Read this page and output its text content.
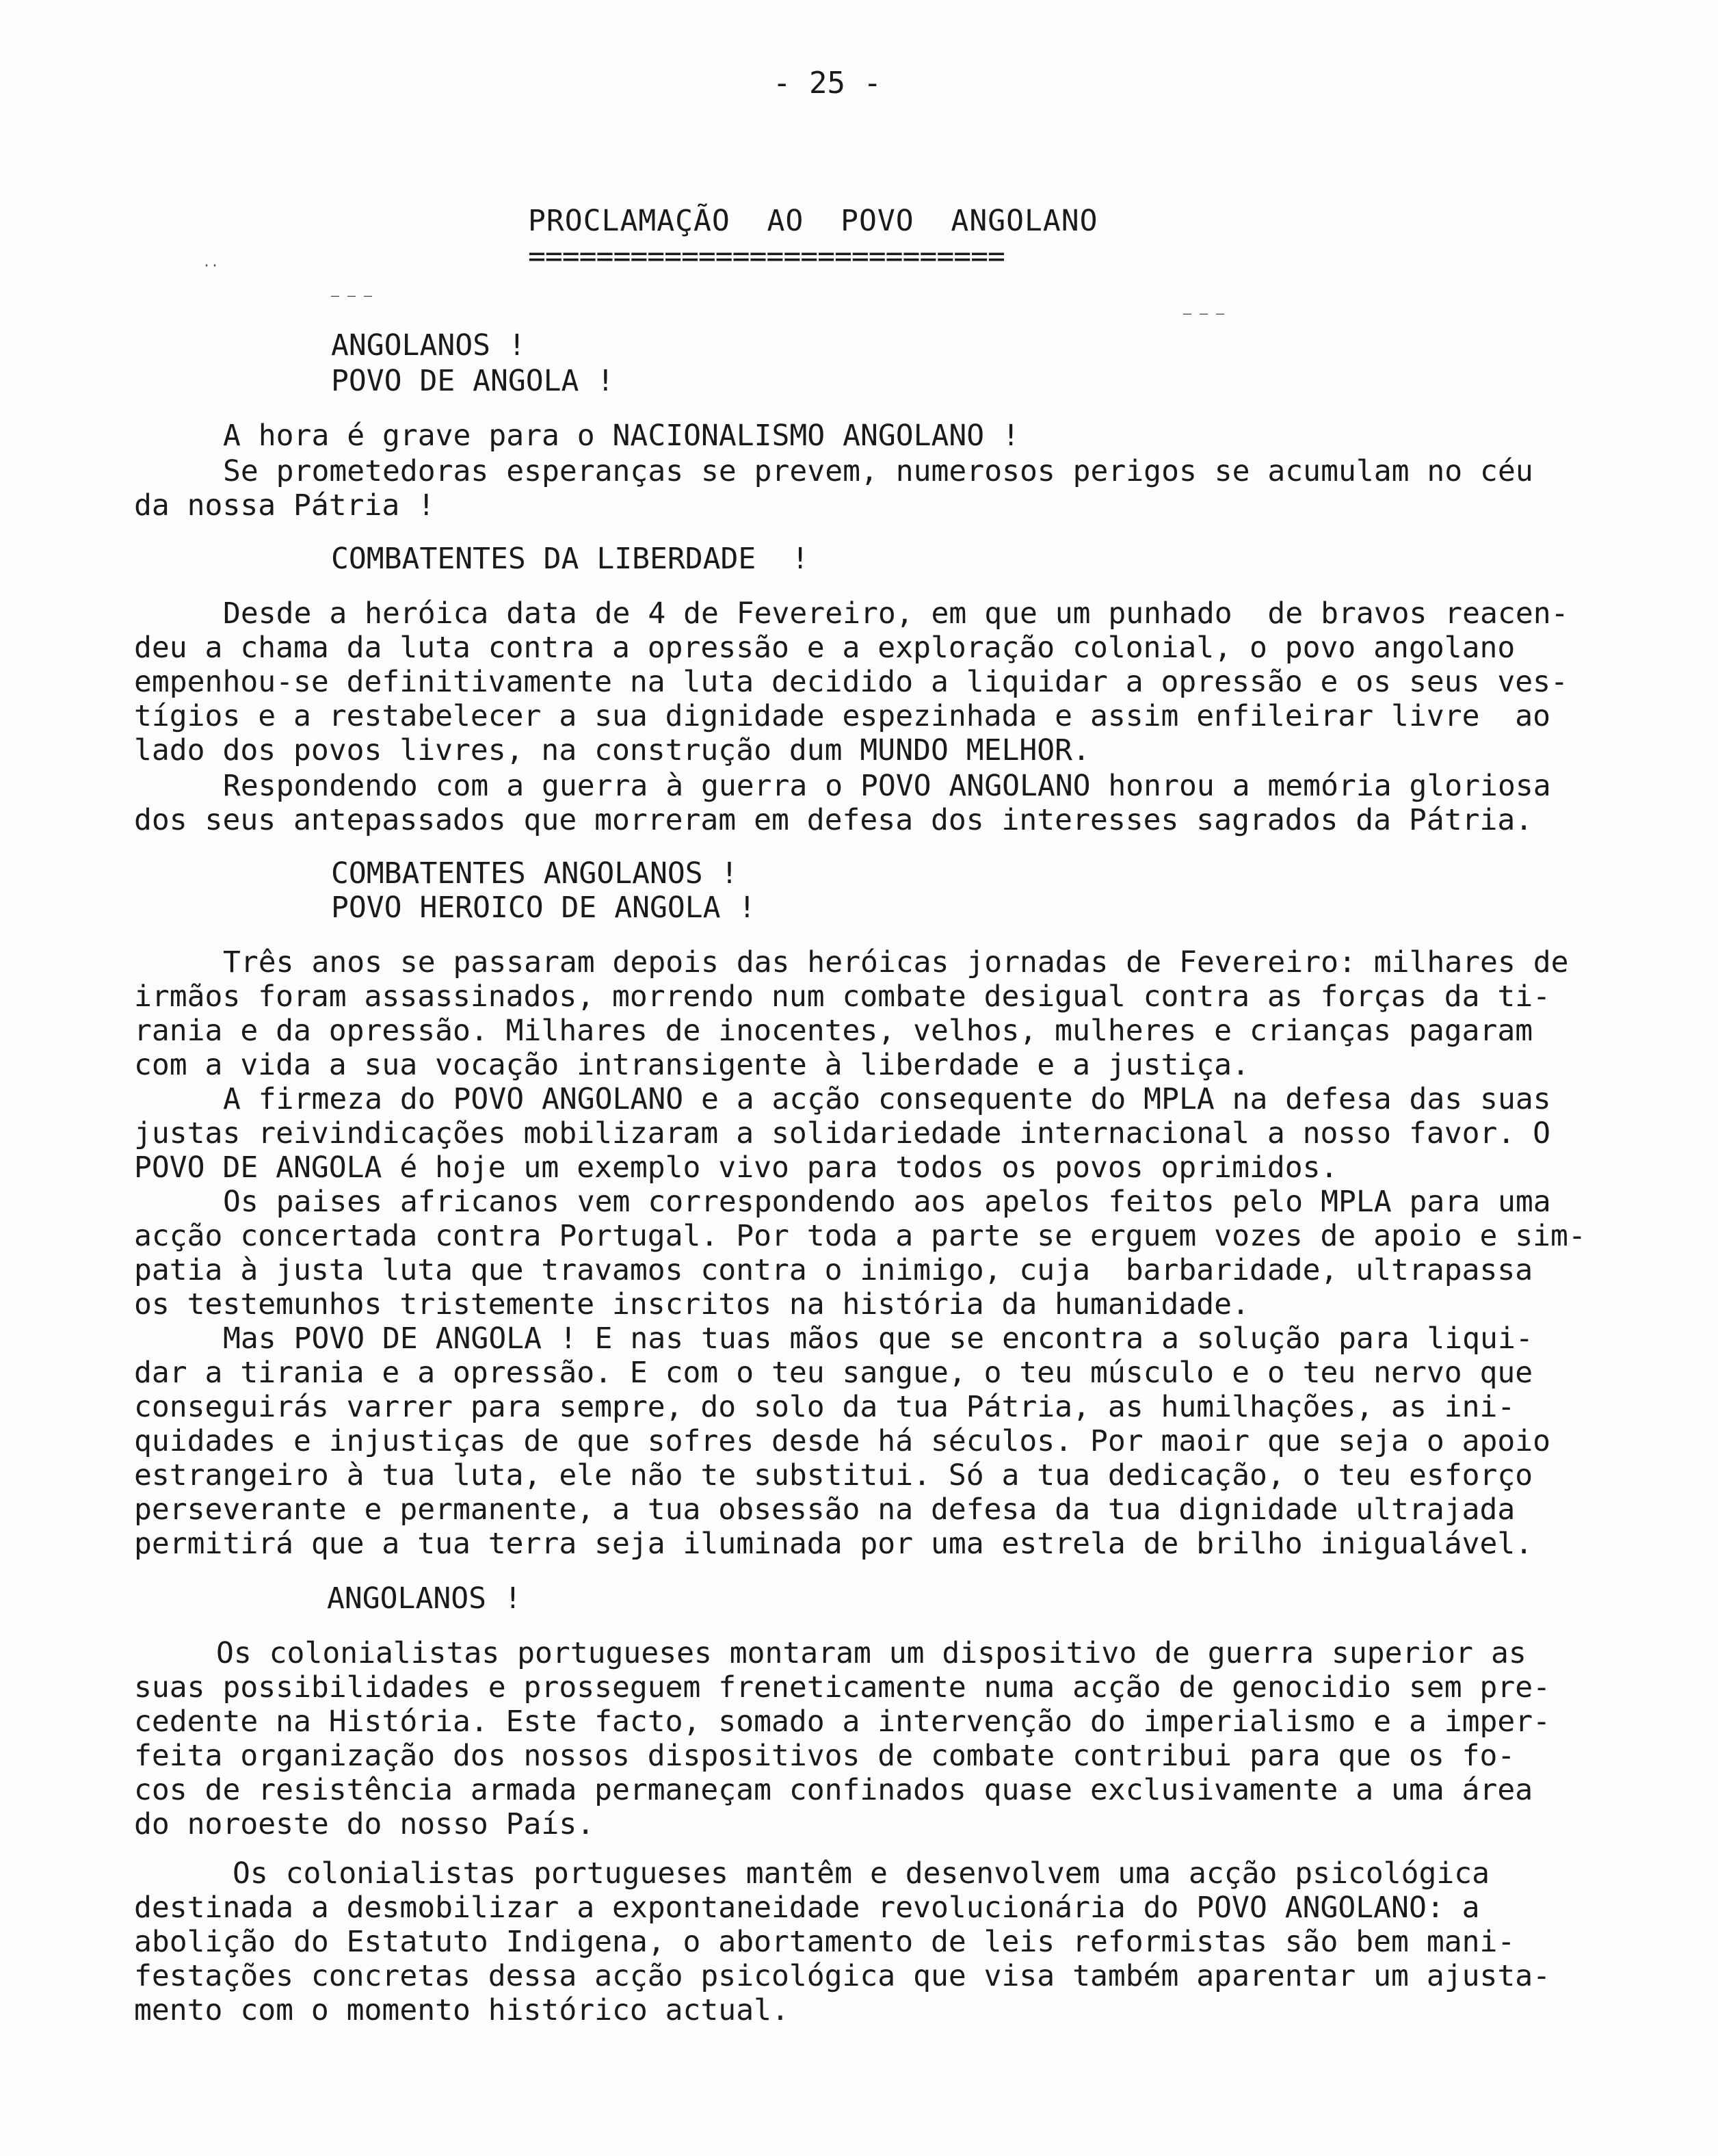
- 25 -
PROCLAMAÇÃO  AO  POVO  ANGOLANO
============================
··
– – –
– – –
ANGOLANOS !
POVO DE ANGOLA !
A hora é grave para o NACIONALISMO ANGOLANO !
Se prometedoras esperanças se prevem, numerosos perigos se acumulam no céu
da nossa Pátria !
COMBATENTES DA LIBERDADE  !
Desde a heróica data de 4 de Fevereiro, em que um punhado  de bravos reacen-
deu a chama da luta contra a opressão e a exploração colonial, o povo angolano
empenhou-se definitivamente na luta decidido a liquidar a opressão e os seus ves-
tígios e a restabelecer a sua dignidade espezinhada e assim enfileirar livre  ao
lado dos povos livres, na construção dum MUNDO MELHOR.
Respondendo com a guerra à guerra o POVO ANGOLANO honrou a memória gloriosa
dos seus antepassados que morreram em defesa dos interesses sagrados da Pátria.
COMBATENTES ANGOLANOS !
POVO HEROICO DE ANGOLA !
Três anos se passaram depois das heróicas jornadas de Fevereiro: milhares de
irmãos foram assassinados, morrendo num combate desigual contra as forças da ti-
rania e da opressão. Milhares de inocentes, velhos, mulheres e crianças pagaram
com a vida a sua vocação intransigente à liberdade e a justiça.
A firmeza do POVO ANGOLANO e a acção consequente do MPLA na defesa das suas
justas reivindicações mobilizaram a solidariedade internacional a nosso favor. O
POVO DE ANGOLA é hoje um exemplo vivo para todos os povos oprimidos.
Os paises africanos vem correspondendo aos apelos feitos pelo MPLA para uma
acção concertada contra Portugal. Por toda a parte se erguem vozes de apoio e sim-
patia à justa luta que travamos contra o inimigo, cuja  barbaridade, ultrapassa
os testemunhos tristemente inscritos na história da humanidade.
Mas POVO DE ANGOLA ! E nas tuas mãos que se encontra a solução para liqui-
dar a tirania e a opressão. E com o teu sangue, o teu músculo e o teu nervo que
conseguirás varrer para sempre, do solo da tua Pátria, as humilhações, as ini-
quidades e injustiças de que sofres desde há séculos. Por maoir que seja o apoio
estrangeiro à tua luta, ele não te substitui. Só a tua dedicação, o teu esforço
perseverante e permanente, a tua obsessão na defesa da tua dignidade ultrajada
permitirá que a tua terra seja iluminada por uma estrela de brilho inigualável.
ANGOLANOS !
Os colonialistas portugueses montaram um dispositivo de guerra superior as
suas possibilidades e prosseguem freneticamente numa acção de genocidio sem pre-
cedente na História. Este facto, somado a intervenção do imperialismo e a imper-
feita organização dos nossos dispositivos de combate contribui para que os fo-
cos de resistência armada permaneçam confinados quase exclusivamente a uma área
do noroeste do nosso País.
Os colonialistas portugueses mantêm e desenvolvem uma acção psicológica
destinada a desmobilizar a expontaneidade revolucionária do POVO ANGOLANO: a
abolição do Estatuto Indigena, o abortamento de leis reformistas são bem mani-
festações concretas dessa acção psicológica que visa também aparentar um ajusta-
mento com o momento histórico actual.
